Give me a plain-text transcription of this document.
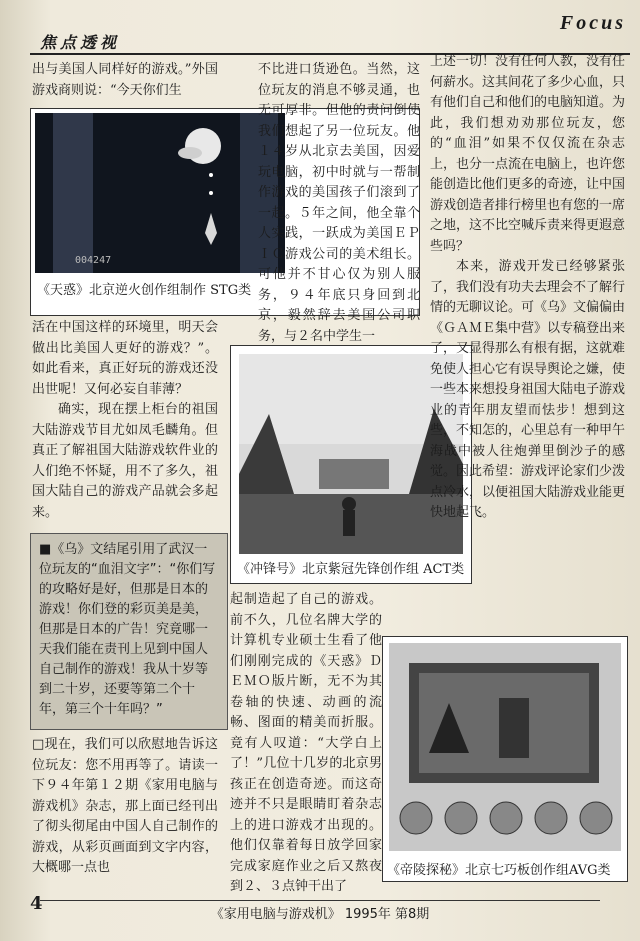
Focus
焦点透视

出与美国人同样好的游戏。”外国游戏商则说：“今天你们生

004247
《天惑》北京逆火创作组制作 STG类

活在中国这样的环境里，明天会做出比美国人更好的游戏？”。如此看来，真正好玩的游戏还没出世呢！又何必妄自菲薄？

确实，现在摆上柜台的祖国大陆游戏节目尤如凤毛麟角。但真正了解祖国大陆游戏软件业的人们绝不怀疑，用不了多久，祖国大陆自己的游戏产品就会多起来。

■《乌》文结尾引用了武汉一位玩友的“血泪文字”：“你们写的攻略好是好，但那是日本的游戏！你们登的彩页美是美，但那是日本的广告！究竟哪一天我们能在责刊上见到中国人自己制作的游戏！我从十岁等到二十岁，还要等第二个十年，第三个十年吗？”

□现在，我们可以欣慰地告诉这位玩友：您不用再等了。请读一下９４年第１２期《家用电脑与游戏机》杂志，那上面已经刊出了彻头彻尾由中国人自己制作的游戏，从彩页画面到文字内容，大概哪一点也

不比进口货逊色。当然，这位玩友的消息不够灵通，也无可厚非。但他的责问倒使我们想起了另一位玩友。他１４岁从北京去美国，因爱玩电脑，初中时就与一帮制作游戏的美国孩子们滚到了一起。５年之间，他全靠个人实践，一跃成为美国ＥＰＩＣ游戏公司的美术组长。可他并不甘心仅为别人服务，９４年底只身回到北京，毅然辞去美国公司职务，与２名中学生一

《冲锋号》北京紫冠先锋创作组 ACT类

起制造起了自己的游戏。前不久，几位名牌大学的计算机专业硕士生看了他们刚刚完成的《天惑》ＤＥＭＯ版片断，无不为其卷轴的快速、动画的流畅、图面的精美而折服。竟有人叹道：“大学白上了！”几位十几岁的北京男孩正在创造奇迹。而这奇迹并不只是眼睛盯着杂志上的进口游戏才出现的。他们仅靠着每日放学回家完成家庭作业之后又熬夜到２、３点钟干出了

上述一切！没有任何人教，没有任何薪水。这其间花了多少心血，只有他们自己和他们的电脑知道。为此，我们想劝劝那位玩友，您的“血泪”如果不仅仅流在杂志上，也分一点流在电脑上，也许您能创造比他们更多的奇迹，让中国游戏创造者排行榜里也有您的一席之地，这不比空喊斥责来得更遐意些吗？

本来，游戏开发已经够紧张了，我们没有功夫去理会不了解行情的无聊议论。可《乌》文偏偏由《ＧＡＭＥ集中营》以专稿登出来了，又显得那么有根有据，这就难免使人担心它有误导舆论之嫌，使一些本来想投身祖国大陆电子游戏业的青年朋友望而怯步！想到这些，不知怎的，心里总有一种甲午海战中被人往炮弹里倒沙子的感觉。因此希望：游戏评论家们少泼点冷水，以便祖国大陆游戏业能更快地起飞。

《帝陵探秘》北京七巧板创作组AVG类
4
《家用电脑与游戏机》 1995年 第8期
